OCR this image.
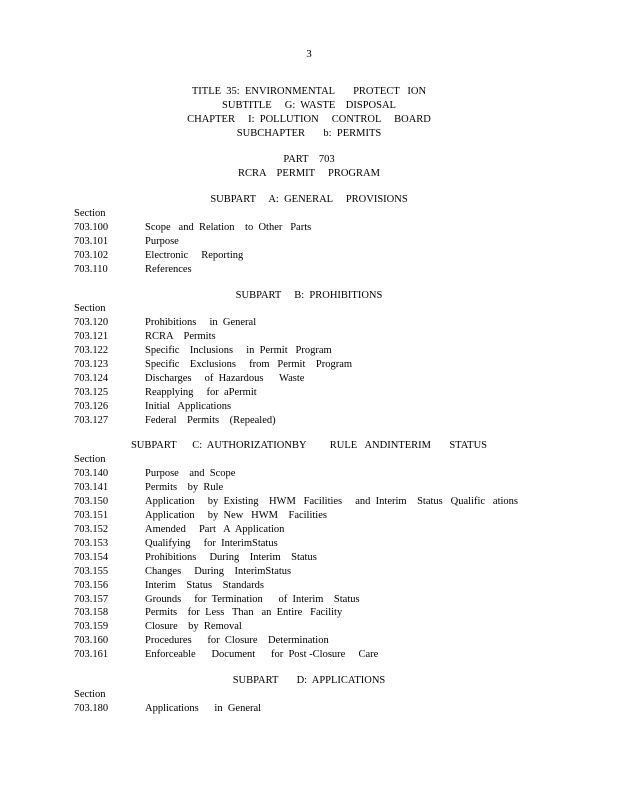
3
TITLE  35:  ENVIRONMENTAL       PROTECT   ION
SUBTITLE     G:  WASTE    DISPOSAL
CHAPTER     I:  POLLUTION     CONTROL     BOARD
SUBCHAPTER       b:  PERMITS
PART    703
RCRA    PERMIT     PROGRAM
SUBPART     A:  GENERAL     PROVISIONS
Section
703.100	Scope   and  Relation    to  Other   Parts
703.101	Purpose
703.102	Electronic     Reporting
703.110	References
SUBPART     B:  PROHIBITIONS
Section
703.120	Prohibitions     in  General
703.121	RCRA    Permits
703.122	Specific    Inclusions     in  Permit   Program
703.123	Specific    Exclusions     from   Permit    Program
703.124	Discharges     of  Hazardous      Waste
703.125	Reapplying     for  aPermit
703.126	Initial   Applications
703.127	Federal    Permits    (Repealed)
SUBPART      C:  AUTHORIZATIONBY         RULE   ANDINTERIM       STATUS
Section
703.140	Purpose    and  Scope
703.141	Permits    by  Rule
703.150	Application     by  Existing    HWM   Facilities     and  Interim    Status   Qualific   ations
703.151	Application     by  New   HWM    Facilities
703.152	Amended     Part   A  Application
703.153	Qualifying     for  InterimStatus
703.154	Prohibitions     During    Interim    Status
703.155	Changes     During    InterimStatus
703.156	Interim    Status    Standards
703.157	Grounds     for  Termination      of  Interim    Status
703.158	Permits    for  Less   Than   an  Entire   Facility
703.159	Closure    by  Removal
703.160	Procedures      for  Closure    Determination
703.161	Enforceable      Document      for  Post -Closure     Care
SUBPART       D:  APPLICATIONS
Section
703.180	Applications      in  General
